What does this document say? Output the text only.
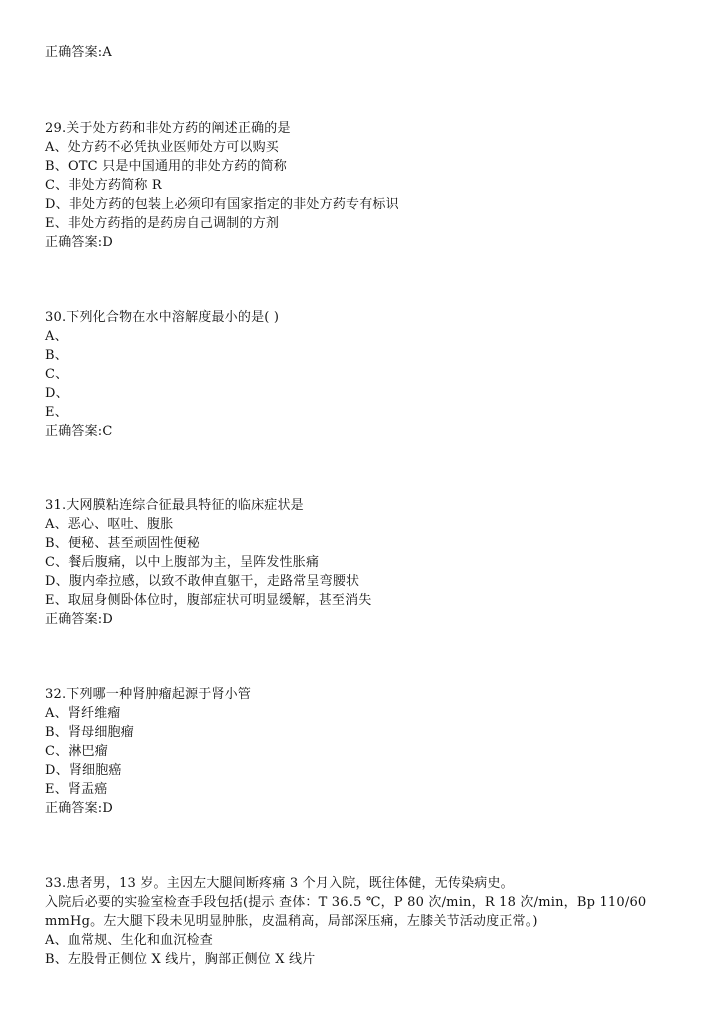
正确答案:A
29.关于处方药和非处方药的阐述正确的是
A、处方药不必凭执业医师处方可以购买
B、OTC 只是中国通用的非处方药的简称
C、非处方药简称 R
D、非处方药的包装上必须印有国家指定的非处方药专有标识
E、非处方药指的是药房自己调制的方剂
正确答案:D
30.下列化合物在水中溶解度最小的是( )
A、
B、
C、
D、
E、
正确答案:C
31.大网膜粘连综合征最具特征的临床症状是
A、恶心、呕吐、腹胀
B、便秘、甚至顽固性便秘
C、餐后腹痛，以中上腹部为主，呈阵发性胀痛
D、腹内牵拉感，以致不敢伸直躯干，走路常呈弯腰状
E、取屈身侧卧体位时，腹部症状可明显缓解，甚至消失
正确答案:D
32.下列哪一种肾肿瘤起源于肾小管
A、肾纤维瘤
B、肾母细胞瘤
C、淋巴瘤
D、肾细胞癌
E、肾盂癌
正确答案:D
33.患者男，13 岁。主因左大腿间断疼痛 3 个月入院，既往体健，无传染病史。
入院后必要的实验室检查手段包括(提示 查体：T 36.5 ℃，P 80 次/min，R 18 次/min，Bp 110/60
mmHg。左大腿下段未见明显肿胀，皮温稍高，局部深压痛，左膝关节活动度正常。)
A、血常规、生化和血沉检查
B、左股骨正侧位 X 线片，胸部正侧位 X 线片
